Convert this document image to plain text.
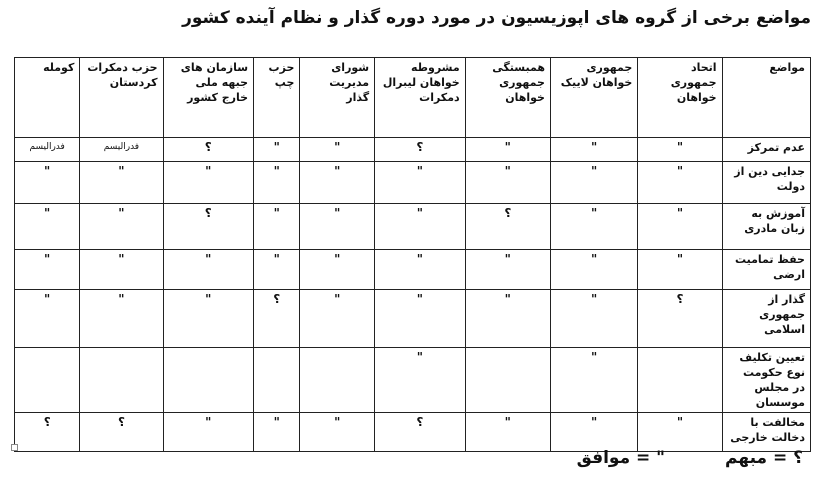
مواضع برخی از گروه های اپوزیسیون در مورد دوره گذار و نظام آینده کشور
مواضع	اتحاد جمهوری خواهان	جمهوری خواهان لاییک	همبستگی جمهوری خواهان	مشروطه خواهان لیبرال دمکرات	شورای مدیریت گذار	حزب چپ	سازمان های جبهه ملی خارج کشور	حزب دمکرات کردستان	کومله
عدم تمرکز	"	"	"	؟	"	"	؟	فدرالیسم	فدرالیسم
جدایی دین از دولت	"	"	"	"	"	"	"	"	"
آموزش به زبان مادری	"	"	؟	"	"	"	؟	"	"
حفظ تمامیت ارضی	"	"	"	"	"	"	"	"	"
گذار از جمهوری اسلامی	؟	"	"	"	"	؟	"	"	"
تعیین تکلیف نوع حکومت در مجلس موسسان		"		"					
مخالفت با دخالت خارجی	"	"	"	؟	"	"	"	؟	؟
؟ = مبهم" = موافق
